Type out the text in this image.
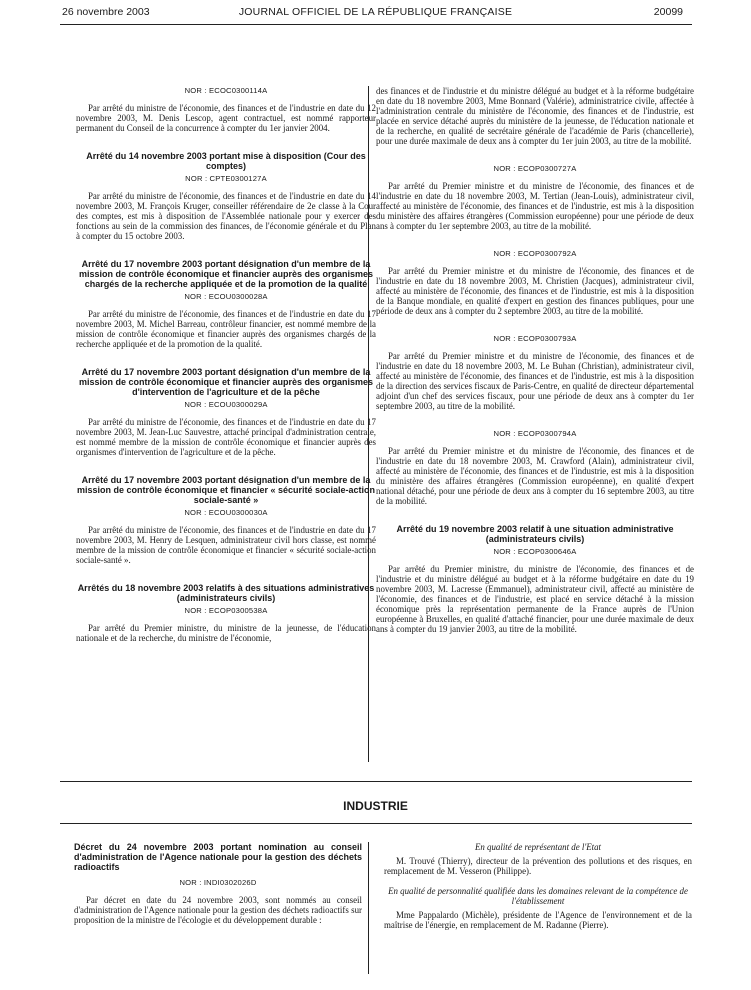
26 novembre 2003	JOURNAL OFFICIEL DE LA RÉPUBLIQUE FRANÇAISE	20099
NOR : ECOC0300114A

Par arrêté du ministre de l'économie, des finances et de l'industrie en date du 12 novembre 2003, M. Denis Lescop, agent contractuel, est nommé rapporteur permanent du Conseil de la concurrence à compter du 1er janvier 2004.

Arrêté du 14 novembre 2003 portant mise à disposition (Cour des comptes)
NOR : CPTE0300127A

Par arrêté du ministre de l'économie, des finances et de l'industrie en date du 14 novembre 2003, M. François Kruger, conseiller référendaire de 2e classe à la Cour des comptes, est mis à disposition de l'Assemblée nationale pour y exercer des fonctions au sein de la commission des finances, de l'économie générale et du Plan à compter du 15 octobre 2003.

Arrêté du 17 novembre 2003 portant désignation d'un membre de la mission de contrôle économique et financier auprès des organismes chargés de la recherche appliquée et de la promotion de la qualité
NOR : ECOU0300028A

Par arrêté du ministre de l'économie, des finances et de l'industrie en date du 17 novembre 2003, M. Michel Barreau, contrôleur financier, est nommé membre de la mission de contrôle économique et financier auprès des organismes chargés de la recherche appliquée et de la promotion de la qualité.

Arrêté du 17 novembre 2003 portant désignation d'un membre de la mission de contrôle économique et financier auprès des organismes d'intervention de l'agriculture et de la pêche
NOR : ECOU0300029A

Par arrêté du ministre de l'économie, des finances et de l'industrie en date du 17 novembre 2003, M. Jean-Luc Sauvestre, attaché principal d'administration centrale, est nommé membre de la mission de contrôle économique et financier auprès des organismes d'intervention de l'agriculture et de la pêche.

Arrêté du 17 novembre 2003 portant désignation d'un membre de la mission de contrôle économique et financier « sécurité sociale-action sociale-santé »
NOR : ECOU0300030A

Par arrêté du ministre de l'économie, des finances et de l'industrie en date du 17 novembre 2003, M. Henry de Lesquen, administrateur civil hors classe, est nommé membre de la mission de contrôle économique et financier « sécurité sociale-action sociale-santé ».

Arrêtés du 18 novembre 2003 relatifs à des situations administratives (administrateurs civils)
NOR : ECOP0300538A

Par arrêté du Premier ministre, du ministre de la jeunesse, de l'éducation nationale et de la recherche, du ministre de l'économie,

des finances et de l'industrie et du ministre délégué au budget et à la réforme budgétaire en date du 18 novembre 2003, Mme Bonnard (Valérie), administratrice civile, affectée à l'administration centrale du ministère de l'économie, des finances et de l'industrie, est placée en service détaché auprès du ministère de la jeunesse, de l'éducation nationale et de la recherche, en qualité de secrétaire générale de l'académie de Paris (chancellerie), pour une durée maximale de deux ans à compter du 1er juin 2003, au titre de la mobilité.

NOR : ECOP0300727A

Par arrêté du Premier ministre et du ministre de l'économie, des finances et de l'industrie en date du 18 novembre 2003, M. Tertian (Jean-Louis), administrateur civil, affecté au ministère de l'économie, des finances et de l'industrie, est mis à la disposition du ministère des affaires étrangères (Commission européenne) pour une période de deux ans à compter du 1er septembre 2003, au titre de la mobilité.

NOR : ECOP0300792A

Par arrêté du Premier ministre et du ministre de l'économie, des finances et de l'industrie en date du 18 novembre 2003, M. Christien (Jacques), administrateur civil, affecté au ministère de l'économie, des finances et de l'industrie, est mis à la disposition de la Banque mondiale, en qualité d'expert en gestion des finances publiques, pour une période de deux ans à compter du 2 septembre 2003, au titre de la mobilité.

NOR : ECOP0300793A

Par arrêté du Premier ministre et du ministre de l'économie, des finances et de l'industrie en date du 18 novembre 2003, M. Le Buhan (Christian), administrateur civil, affecté au ministère de l'économie, des finances et de l'industrie, est mis à la disposition de la direction des services fiscaux de Paris-Centre, en qualité de directeur départemental adjoint d'un chef des services fiscaux, pour une période de deux ans à compter du 1er septembre 2003, au titre de la mobilité.

NOR : ECOP0300794A

Par arrêté du Premier ministre et du ministre de l'économie, des finances et de l'industrie en date du 18 novembre 2003, M. Crawford (Alain), administrateur civil, affecté au ministère de l'économie, des finances et de l'industrie, est mis à la disposition du ministère des affaires étrangères (Commission européenne), en qualité d'expert national détaché, pour une période de deux ans à compter du 16 septembre 2003, au titre de la mobilité.

Arrêté du 19 novembre 2003 relatif à une situation administrative (administrateurs civils)
NOR : ECOP0300646A

Par arrêté du Premier ministre, du ministre de l'économie, des finances et de l'industrie et du ministre délégué au budget et à la réforme budgétaire en date du 19 novembre 2003, M. Lacresse (Emmanuel), administrateur civil, affecté au ministère de l'économie, des finances et de l'industrie, est placé en service détaché à la mission économique près la représentation permanente de la France auprès de l'Union européenne à Bruxelles, en qualité d'attaché financier, pour une durée maximale de deux ans à compter du 19 janvier 2003, au titre de la mobilité.

INDUSTRIE
Décret du 24 novembre 2003 portant nomination au conseil d'administration de l'Agence nationale pour la gestion des déchets radioactifs
NOR : INDI0302026D

Par décret en date du 24 novembre 2003, sont nommés au conseil d'administration de l'Agence nationale pour la gestion des déchets radioactifs sur proposition de la ministre de l'écologie et du développement durable :

En qualité de représentant de l'Etat

M. Trouvé (Thierry), directeur de la prévention des pollutions et des risques, en remplacement de M. Vesseron (Philippe).

En qualité de personnalité qualifiée dans les domaines relevant de la compétence de l'établissement

Mme Pappalardo (Michèle), présidente de l'Agence de l'environnement et de la maîtrise de l'énergie, en remplacement de M. Radanne (Pierre).
